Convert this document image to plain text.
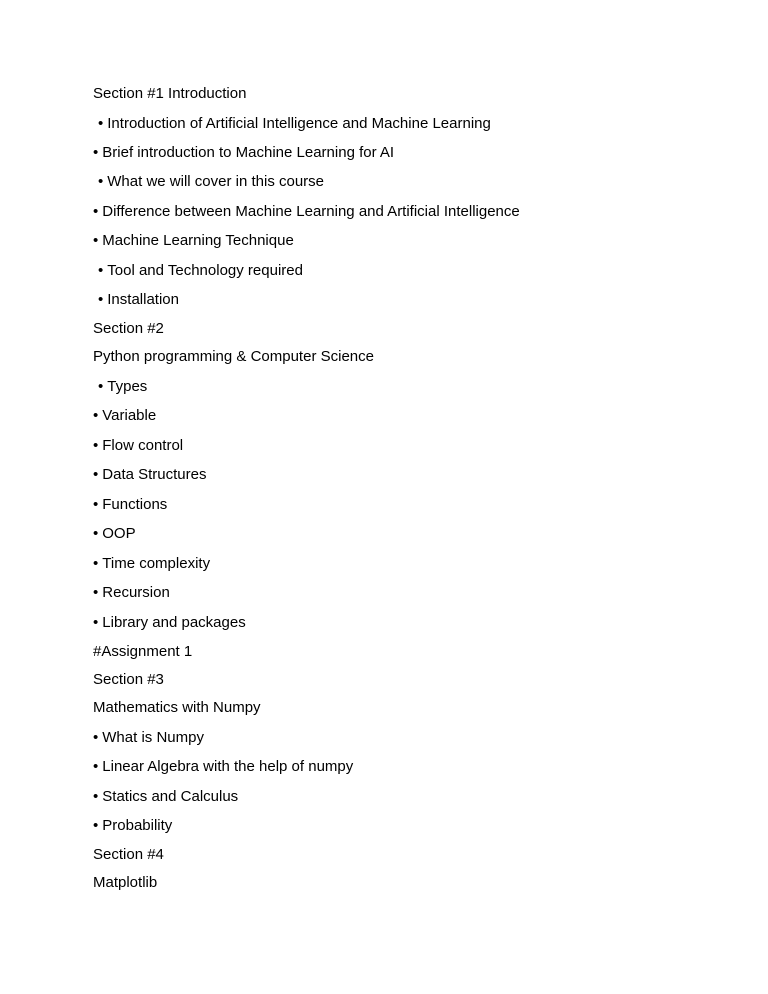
Section #1 Introduction
• Introduction of Artificial Intelligence and Machine Learning
• Brief introduction to Machine Learning for AI
• What we will cover in this course
• Difference between Machine Learning and Artificial Intelligence
• Machine Learning Technique
• Tool and Technology required
• Installation
Section #2
Python programming & Computer Science
• Types
• Variable
• Flow control
• Data Structures
• Functions
• OOP
• Time complexity
• Recursion
• Library and packages
#Assignment 1
Section #3
Mathematics with Numpy
• What is Numpy
• Linear Algebra with the help of numpy
• Statics and Calculus
• Probability
Section #4
Matplotlib
